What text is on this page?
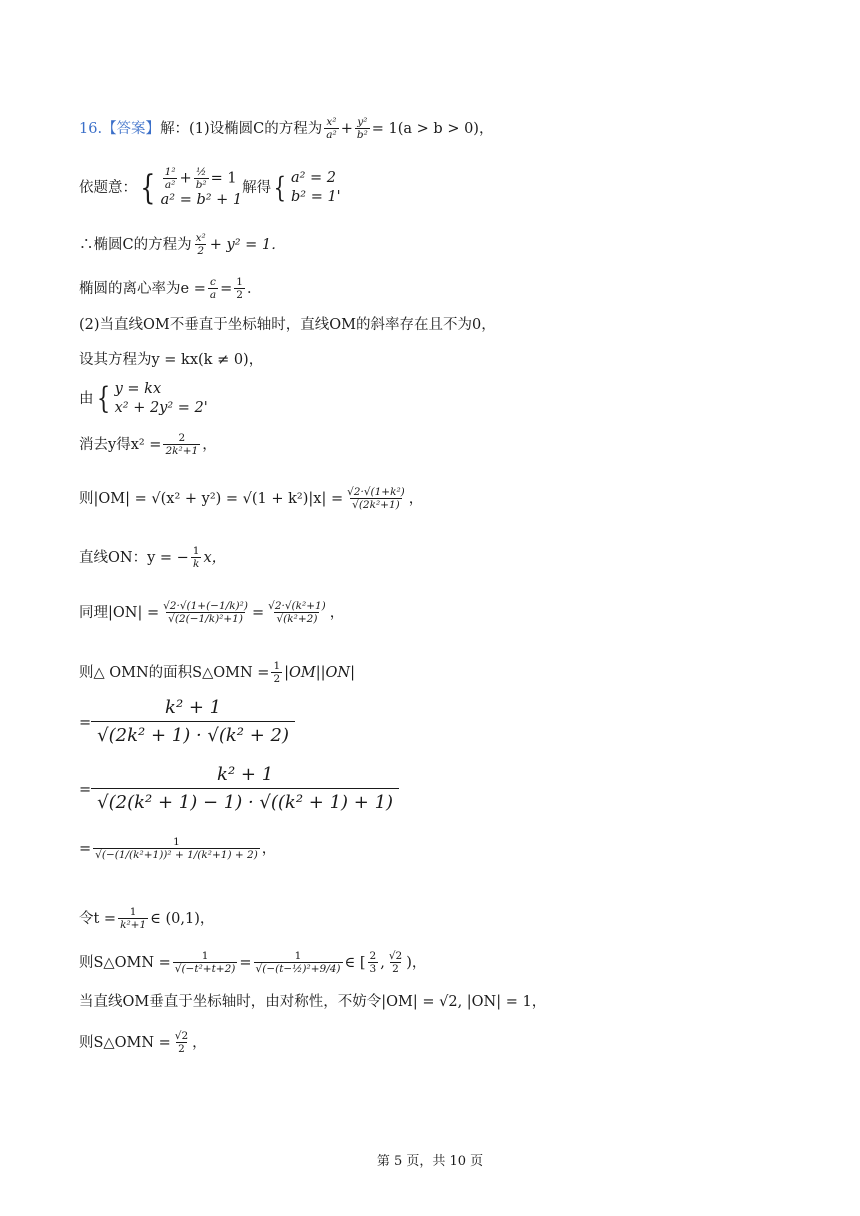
16. 【答案】 解：(1)设椭圆C的方程为 $\frac{\text{x²}}{\text{a²}} + \frac{\text{y²}}{\text{b²}} = 1(a > b > 0)$，
依题意： { $\frac{\text{1²}}{\text{a²}} + \frac{\text{½}}{\text{b²}} = 1$
a² = b² + 1
解得 { a² = 2
b² = 1'
∴椭圆C的方程为 $\frac{\text{x²}}{2} + y^2 = 1$．
椭圆的离心率为$e = \frac{c}{a} = \frac{1}{2}$ ．
(2)当直线OM不垂直于坐标轴时，直线OM的斜率存在且不为0，
设其方程为y = kx(k ≠ 0)，
由 { y = kx
x² + 2y² = 2'
消去y得$x^2 = \frac{2}{\text{2k²+1}}$ ，
则$|OM| = √(x^2 + y^2) = √(1 + k^2)|x| = \frac{\text{√2·√(1+k²)}}{\text{√(2k²+1)}}$ ，
直线ON：y = − $\frac{1}{k}$ x，
同理$|ON| = \frac{\text{√2·√(1+(−1/k)²)}}{\text{√(2(−1/k)²+1)}} = \frac{\text{√2·√(k²+1)}}{\text{√(k²+2)}}$ ，
则△ OMN的面积S△OMN = $\frac{1}{2} |OM||ON|$
= $\frac{\text{k² + 1}}{\text{√(2k² + 1) · √(k² + 2)}}$
= $\frac{\text{k² + 1}}{\text{√(2(k² + 1) − 1) · √((k² + 1) + 1)}}$
= $\frac{1}{\text{√(−(1/(k²+1))² + 1/(k²+1) + 2)}}$ ，
令$t = \frac{1}{\text{k²+1}}$ ∈ (0,1)，
则S△OMN = $\frac{1}{\text{√(−t²+t+2)}} = \frac{1}{\text{√(−(t−½)²+9/4)}}$ ∈ [ $\frac{2}{3}$ , $\frac{√2}{2}$ )，
当直线OM垂直于坐标轴时，由对称性，不妨令|OM| = √2, |ON| = 1，
则S△OMN = $\frac{√2}{2}$ ，
第 5 页，共 10 页
